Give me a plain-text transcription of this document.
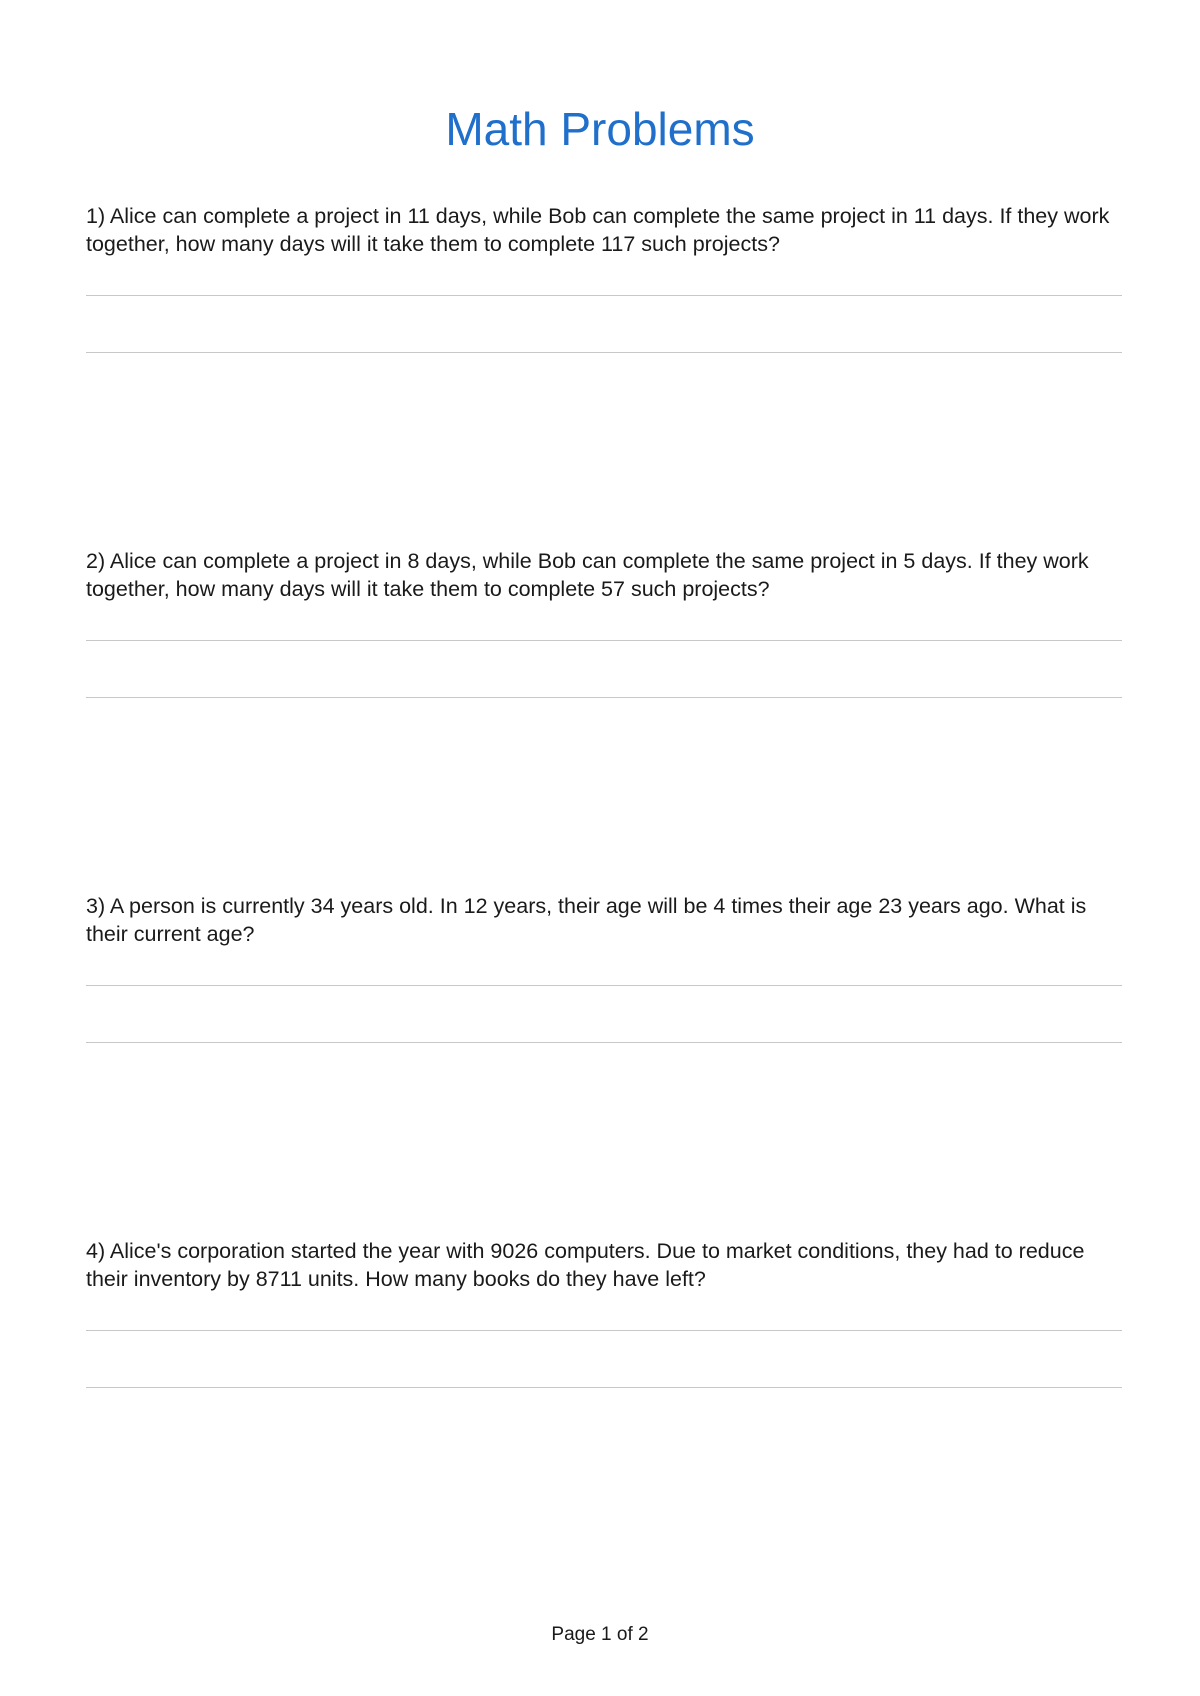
Math Problems

1) Alice can complete a project in 11 days, while Bob can complete the same project in 11 days. If they work together, how many days will it take them to complete 117 such projects?

2) Alice can complete a project in 8 days, while Bob can complete the same project in 5 days. If they work together, how many days will it take them to complete 57 such projects?

3) A person is currently 34 years old. In 12 years, their age will be 4 times their age 23 years ago. What is their current age?

4) Alice's corporation started the year with 9026 computers. Due to market conditions, they had to reduce their inventory by 8711 units. How many books do they have left?

Page 1 of 2
